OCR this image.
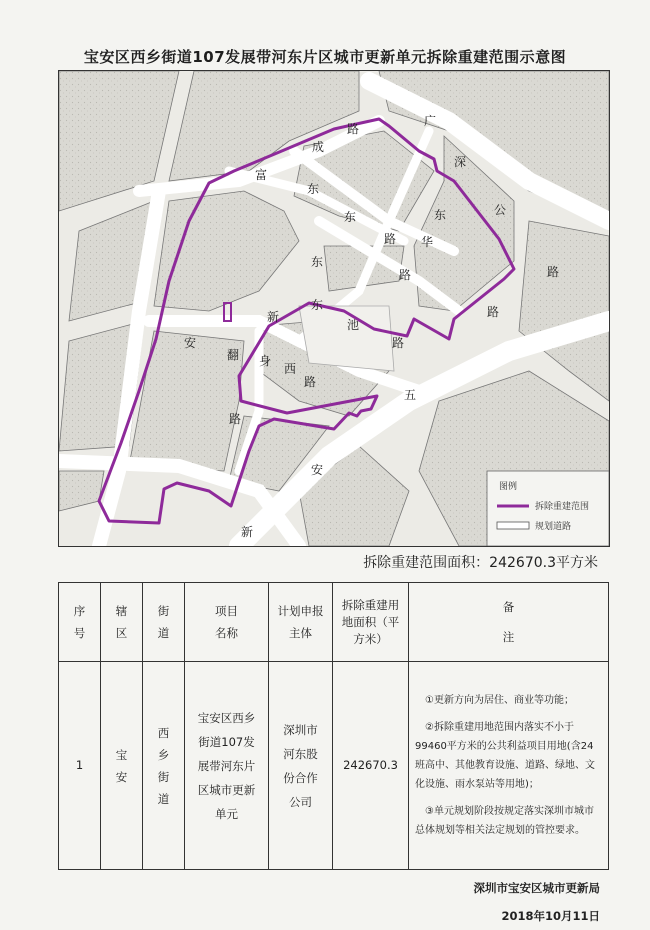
宝安区西乡街道107发展带河东片区城市更新单元拆除重建范围示意图
广
深
公
路
成
路
富
东
东
路
东
华
路
东
路
东
池
路
新
安
翻 身
西
路
五
路
安
新
图例
拆除重建范围
规划道路
拆除重建范围面积：242670.3平方米
序号	辖区	街道	项目名称	计划申报主体	拆除重建用地面积（平方米）	备注

1	宝安	西乡街道	宝安区西乡街道107发展带河东片区城市更新单元	深圳市河东股份合作公司	242670.3	①更新方向为居住、商业等功能；

②拆除重建用地范围内落实不小于99460平方米的公共利益项目用地(含24班高中、其他教育设施、道路、绿地、文化设施、雨水泵站等用地)；

③单元规划阶段按规定落实深圳市城市总体规划等相关法定规划的管控要求。

深圳市宝安区城市更新局
2018年10月11日
